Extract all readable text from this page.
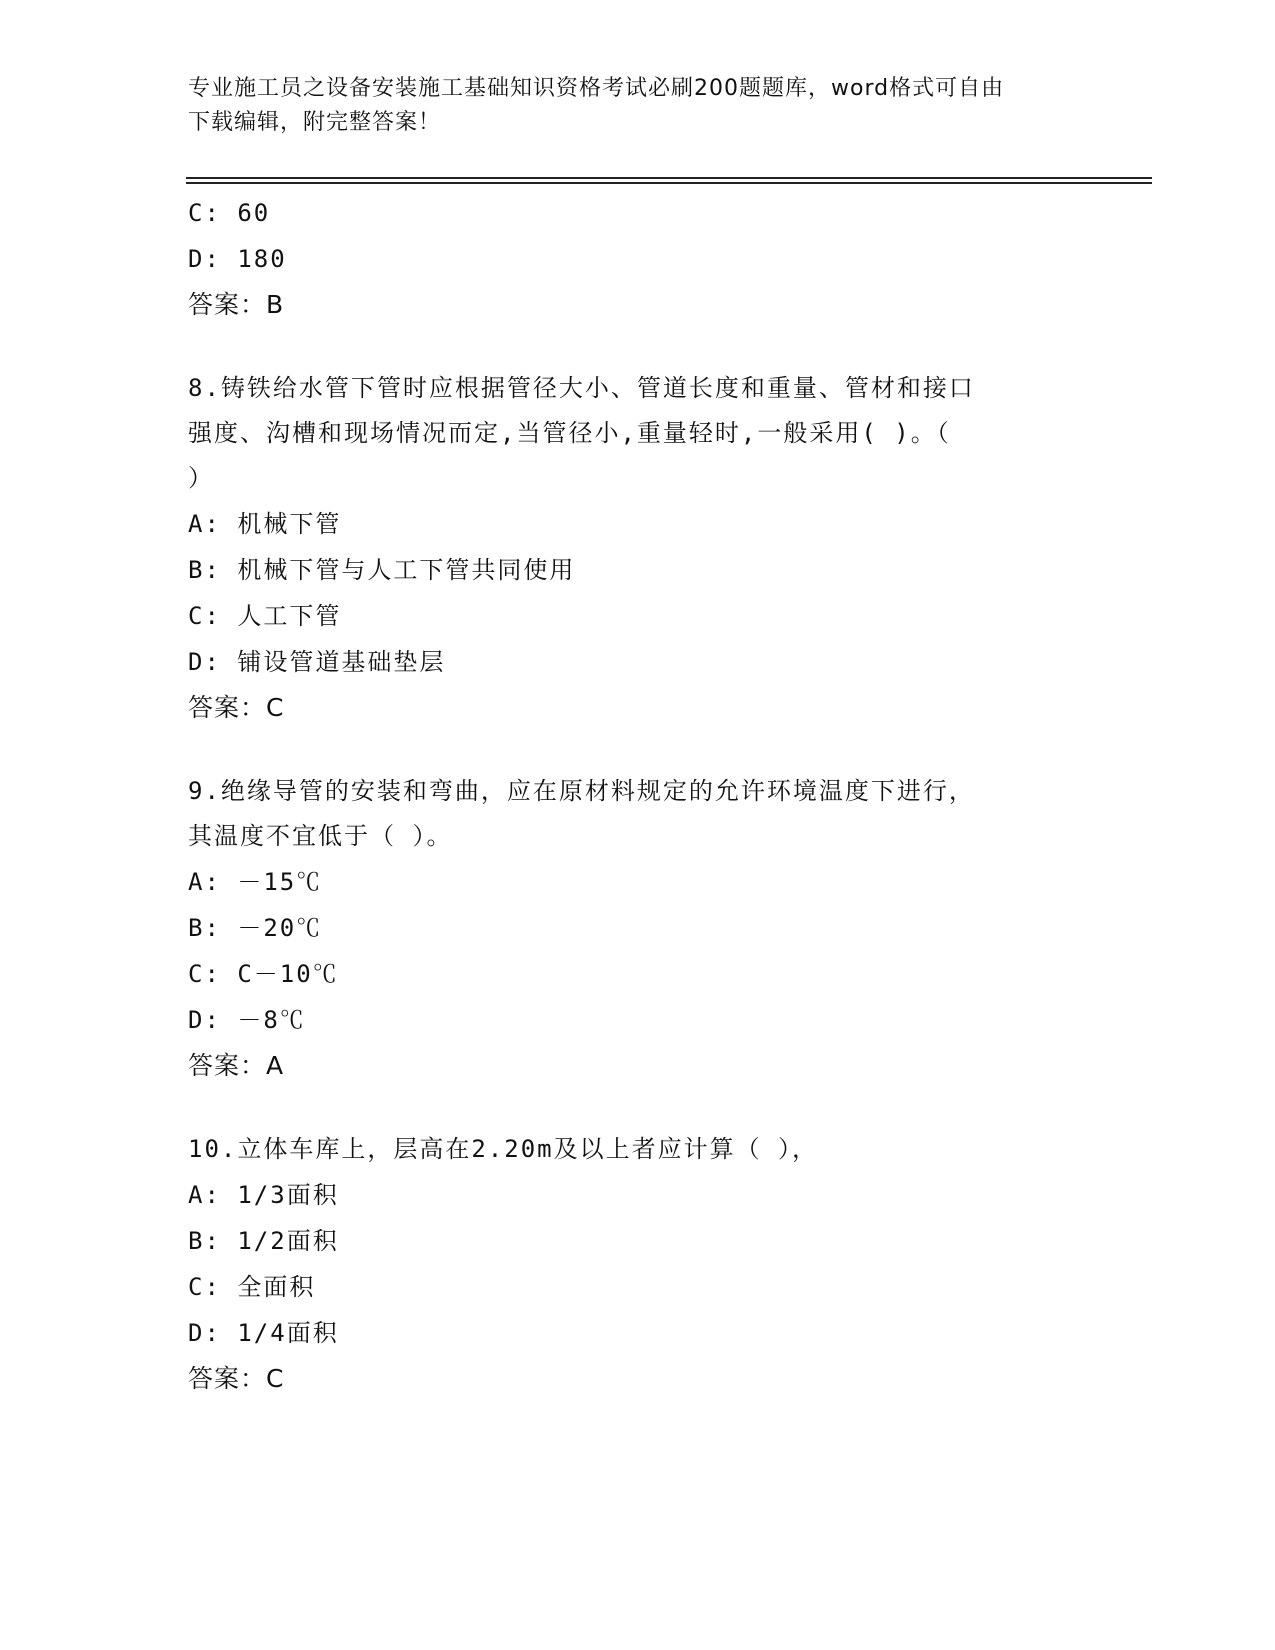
专业施工员之设备安装施工基础知识资格考试必刷200题题库，word格式可自由
下载编辑，附完整答案！
C: 60
D: 180
答案：B
8.铸铁给水管下管时应根据管径大小、管道长度和重量、管材和接口
强度、沟槽和现场情况而定,当管径小,重量轻时,一般采用( )。（
）
A: 机械下管
B: 机械下管与人工下管共同使用
C: 人工下管
D: 铺设管道基础垫层
答案：C
9.绝缘导管的安装和弯曲，应在原材料规定的允许环境温度下进行，
其温度不宜低于（ ）。
A: －15℃
B: －20℃
C: C－10℃
D: －8℃
答案：A
10.立体车库上，层高在2.20m及以上者应计算（ ），
A: 1/3面积
B: 1/2面积
C: 全面积
D: 1/4面积
答案：C
